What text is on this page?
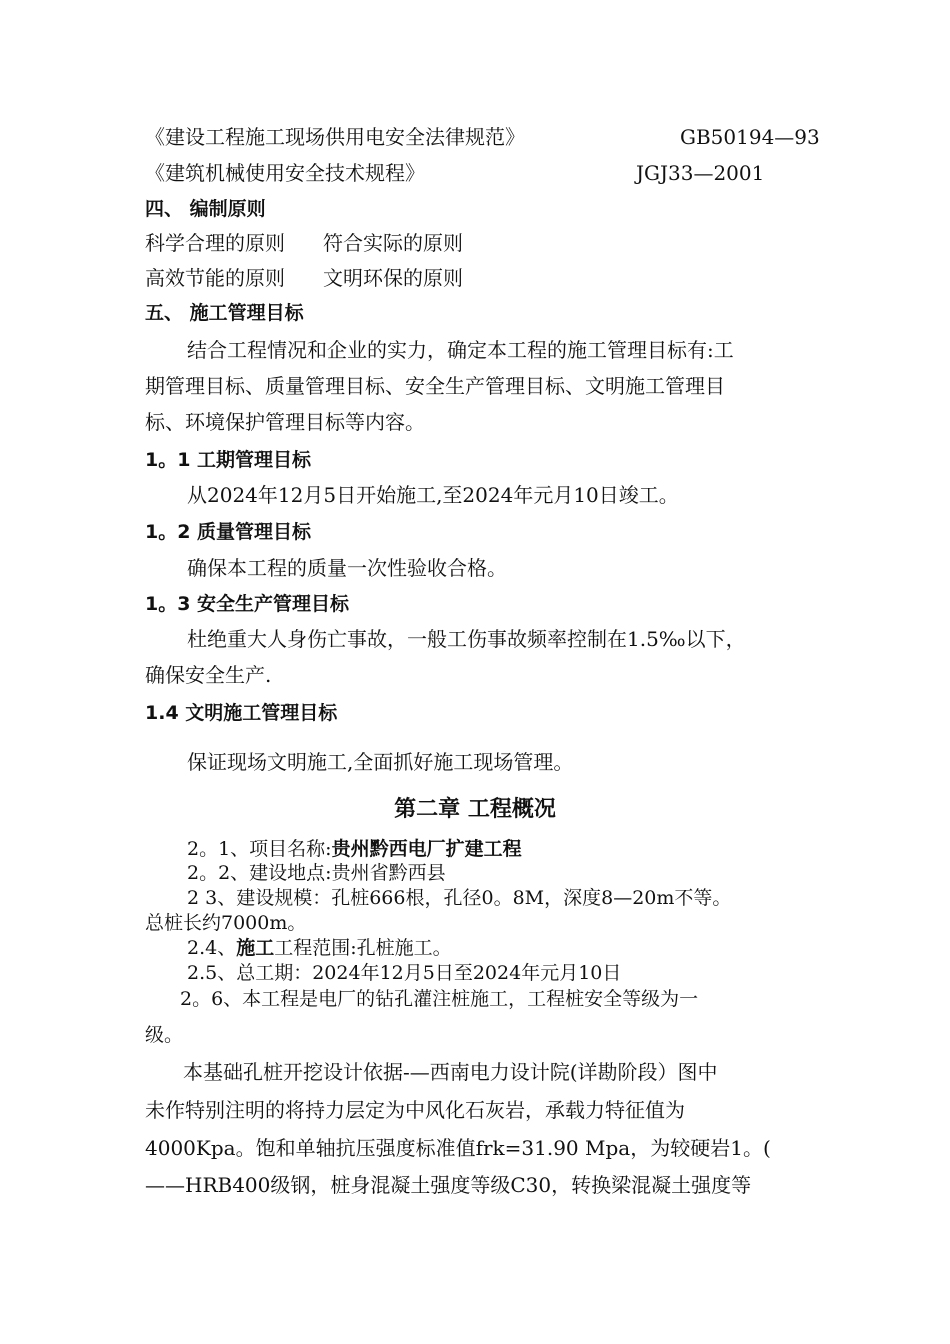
《建设工程施工现场供用电安全法律规范》	GB50194—93
《建筑机械使用安全技术规程》	JGJ33—2001
四、 编制原则
科学合理的原则 符合实际的原则
高效节能的原则 文明环保的原则
五、 施工管理目标
结合工程情况和企业的实力，确定本工程的施工管理目标有:工
期管理目标、质量管理目标、安全生产管理目标、文明施工管理目
标、环境保护管理目标等内容。
1。1 工期管理目标
从2024年12月5日开始施工,至2024年元月10日竣工。
1。2 质量管理目标
确保本工程的质量一次性验收合格。
1。3 安全生产管理目标
杜绝重大人身伤亡事故，一般工伤事故频率控制在1.5‰以下，
确保安全生产.
1.4 文明施工管理目标
保证现场文明施工,全面抓好施工现场管理。
第二章 工程概况
2。1、项目名称:贵州黔西电厂扩建工程
2。2、建设地点:贵州省黔西县
2 3、建设规模：孔桩666根，孔径0。8M，深度8—20m不等。
总桩长约7000m。
2.4、施工工程范围:孔桩施工。
2.5、总工期：2024年12月5日至2024年元月10日
2。6、本工程是电厂的钻孔灌注桩施工，工程桩安全等级为一
级。
本基础孔桩开挖设计依据-—西南电力设计院(详勘阶段）图中
未作特别注明的将持力层定为中风化石灰岩，承载力特征值为
4000Kpa。饱和单轴抗压强度标准值frk=31.90 Mpa，为较硬岩1。(
——HRB400级钢，桩身混凝土强度等级C30，转换梁混凝土强度等
